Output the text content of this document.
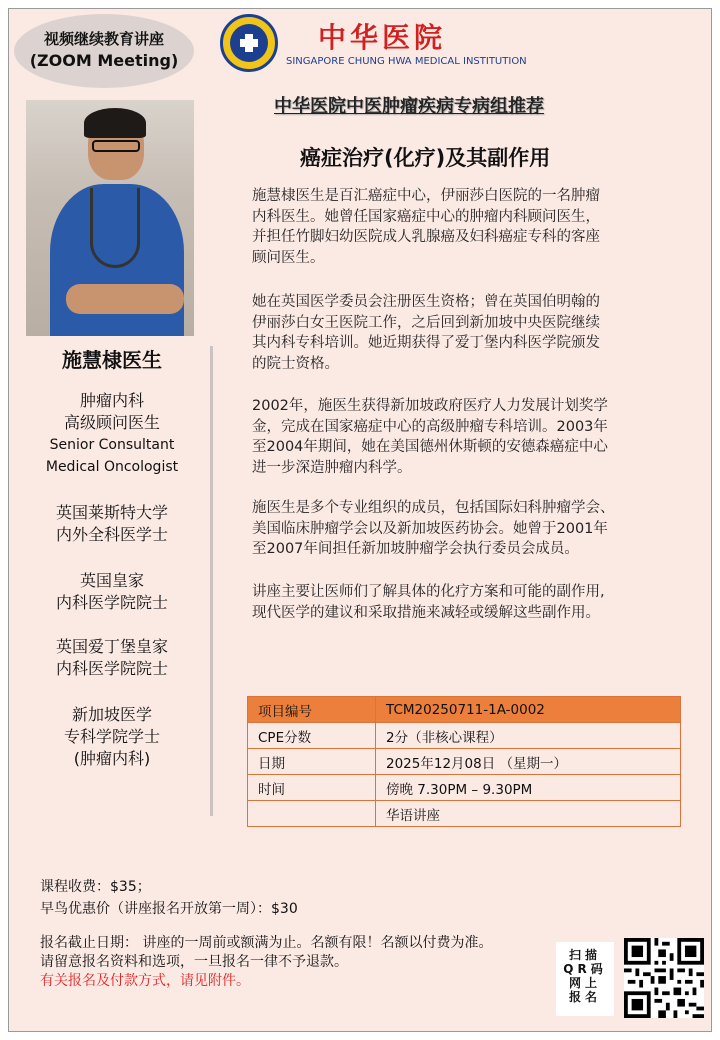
视频继续教育讲座
(ZOOM Meeting)
中华医院
SINGAPORE CHUNG HWA MEDICAL INSTITUTION
施慧棣医生
肿瘤内科
高级顾问医生
Senior Consultant
Medical Oncologist
英国莱斯特大学
内外全科医学士
英国皇家
内科医学院院士
英国爱丁堡皇家
内科医学院院士
新加坡医学
专科学院学士
(肿瘤内科)
中华医院中医肿瘤疾病专病组推荐
癌症治疗(化疗)及其副作用
施慧棣医生是百汇癌症中心，伊丽莎白医院的一名肿瘤
内科医生。她曾任国家癌症中心的肿瘤内科顾问医生，
并担任竹脚妇幼医院成人乳腺癌及妇科癌症专科的客座
顾问医生。
她在英国医学委员会注册医生资格；曾在英国伯明翰的
伊丽莎白女王医院工作，之后回到新加坡中央医院继续
其内科专科培训。她近期获得了爱丁堡内科医学院颁发
的院士资格。
2002年，施医生获得新加坡政府医疗人力发展计划奖学
金，完成在国家癌症中心的高级肿瘤专科培训。2003年
至2004年期间，她在美国德州休斯顿的安德森癌症中心
进一步深造肿瘤内科学。
施医生是多个专业组织的成员，包括国际妇科肿瘤学会、
美国临床肿瘤学会以及新加坡医药协会。她曾于2001年
至2007年间担任新加坡肿瘤学会执行委员会成员。
讲座主要让医师们了解具体的化疗方案和可能的副作用,
现代医学的建议和采取措施来减轻或缓解这些副作用。
项目编号	TCM20250711-1A-0002
CPE分数	2分（非核心课程）
日期	2025年12月08日 （星期一）
时间	傍晚 7.30PM – 9.30PM
	华语讲座
课程收费：$35；
早鸟优惠价（讲座报名开放第一周）：$30
报名截止日期： 讲座的一周前或额满为止。名额有限！名额以付费为准。
请留意报名资料和选项，一旦报名一律不予退款。
有关报名及付款方式，请见附件。
扫描
QR码
网上
报名
